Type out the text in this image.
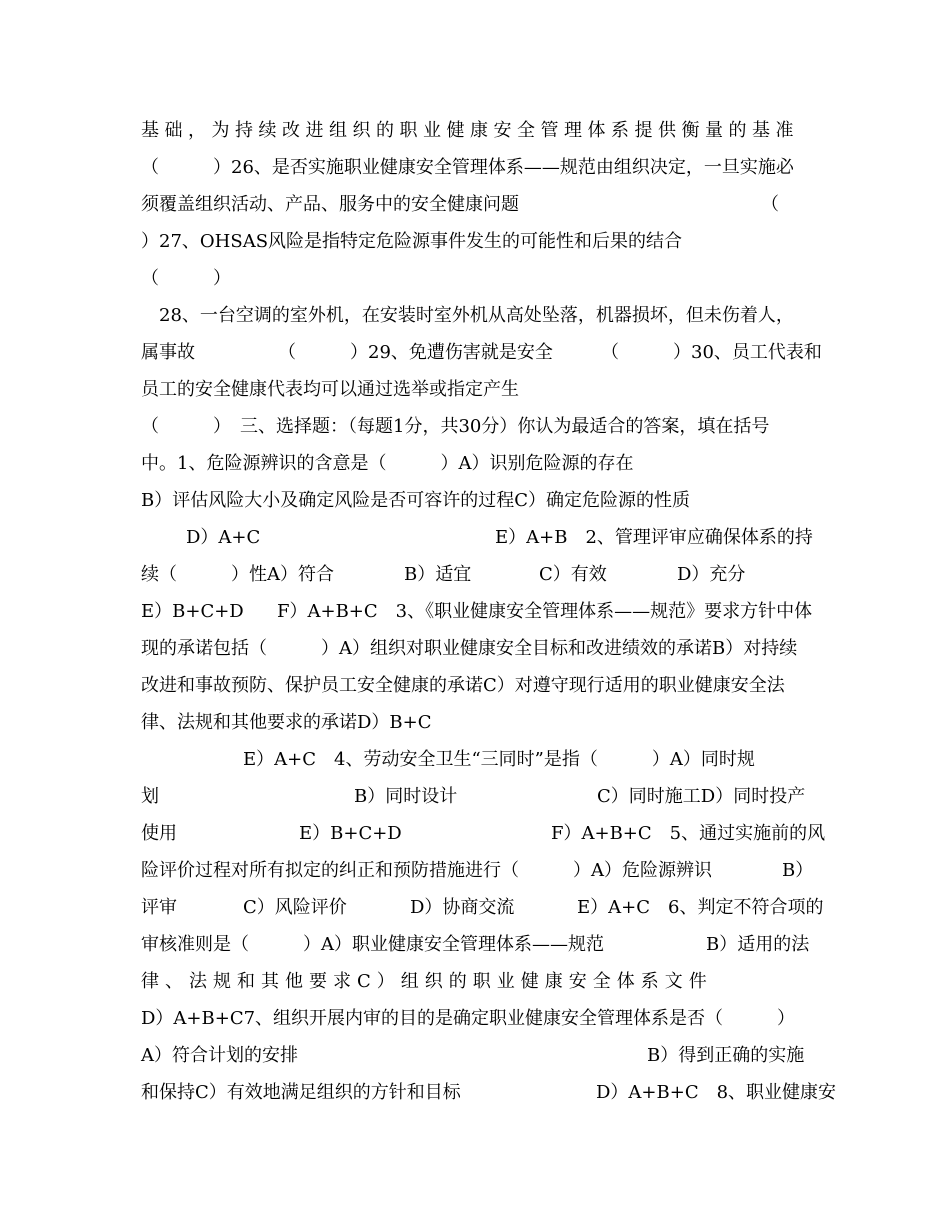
基础，为持续改进组织的职业健康安全管理体系提供衡量的基准

（　　　）26、是否实施职业健康安全管理体系——规范由组织决定，一旦实施必

须覆盖组织活动、产品、服务中的安全健康问题

	（

）27、OHSAS风险是指特定危险源事件发生的可能性和后果的结合

（　　　）

28、一台空调的室外机，在安装时室外机从高处坠落，机器损坏，但未伤着人，

属事故

	（　　　）29、免遭伤害就是安全

	（　　　）30、员工代表和

员工的安全健康代表均可以通过选举或指定产生

（　　　）　三、选择题：（每题1分，共30分）你认为最适合的答案，填在括号

中。1、危险源辨识的含意是（　　　）A）识别危险源的存在

B）评估风险大小及确定风险是否可容许的过程C）确定危险源的性质

D）A+C

	E）A+B　2、管理评审应确保体系的持

续（　　　）性A）符合

	B）适宜

	C）有效

	D）充分

E）B+C+D

F）A+B+C　3、《职业健康安全管理体系——规范》要求方针中体

现的承诺包括（　　　）A）组织对职业健康安全目标和改进绩效的承诺B）对持续

改进和事故预防、保护员工安全健康的承诺C）对遵守现行适用的职业健康安全法

律、法规和其他要求的承诺D）B+C

E）A+C　4、劳动安全卫生“三同时”是指（　　　）A）同时规

划

	B）同时设计

	C）同时施工D）同时投产

使用

	E）B+C+D

	F）A+B+C　5、通过实施前的风

险评价过程对所有拟定的纠正和预防措施进行（　　　）A）危险源辨识

	B）

评审

	C）风险评价

	D）协商交流

	E）A+C　6、判定不符合项的

审核准则是（　　　）A）职业健康安全管理体系——规范

	B）适用的法

律、法规和其他要求C）组织的职业健康安全体系文件

D）A+B+C7、组织开展内审的目的是确定职业健康安全管理体系是否（　　　）

A）符合计划的安排

	B）得到正确的实施

和保持C）有效地满足组织的方针和目标

	D）A+B+C　8、职业健康安
